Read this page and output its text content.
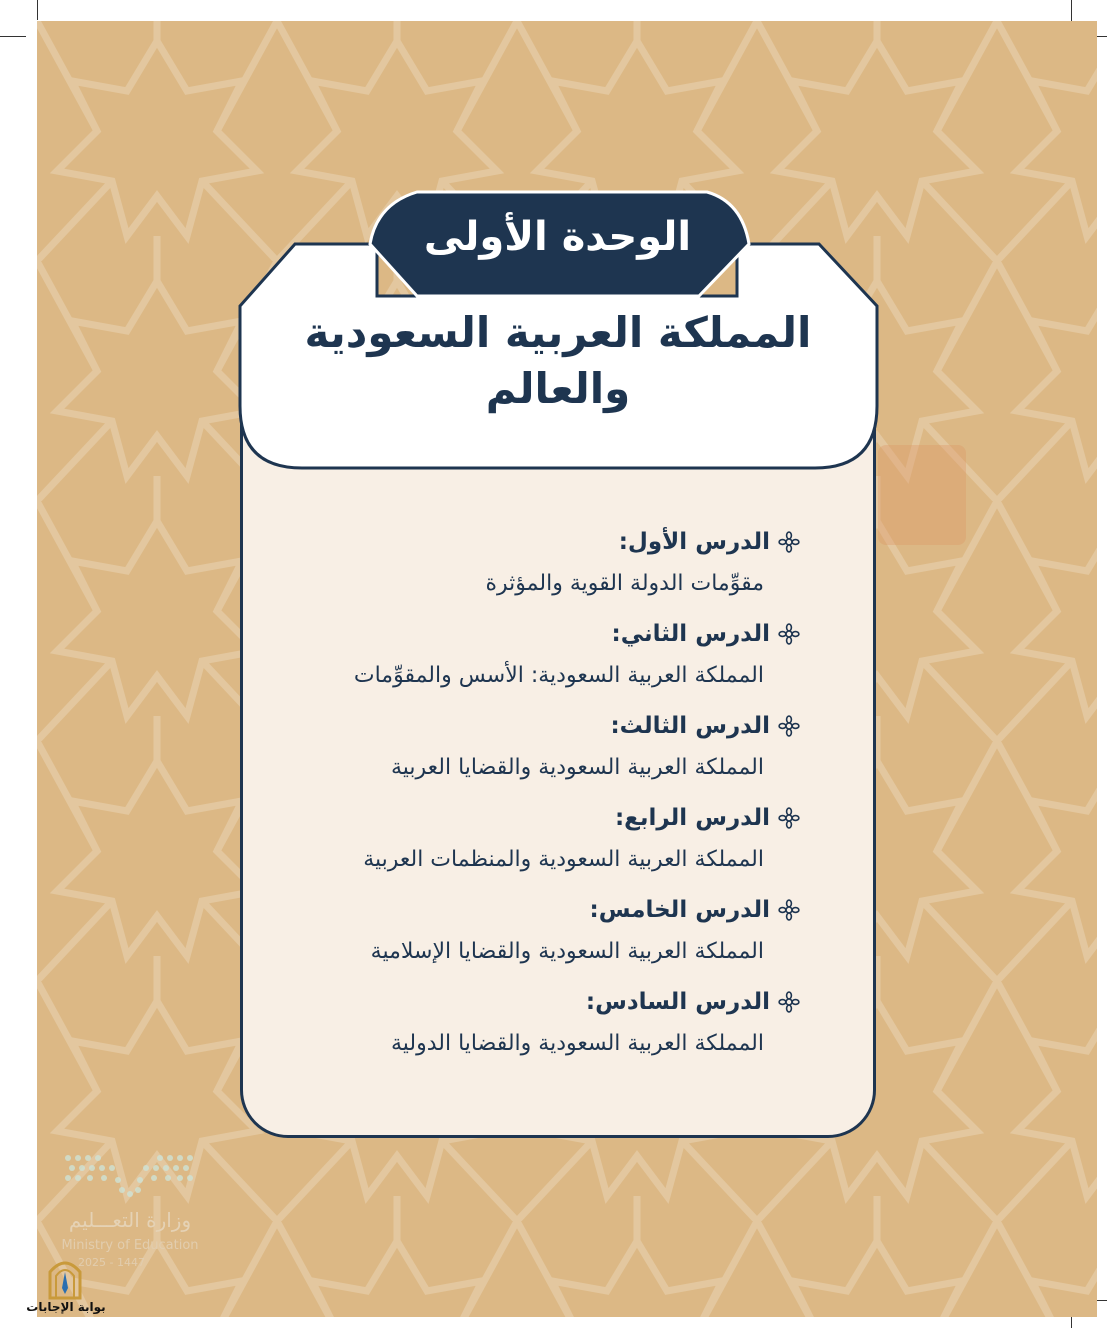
الوحدة الأولى
المملكة العربية السعودية
والعالم
الدرس الأول:
مقوِّمات الدولة القوية والمؤثرة
الدرس الثاني:
المملكة العربية السعودية: الأسس والمقوِّمات
الدرس الثالث:
المملكة العربية السعودية والقضايا العربية
الدرس الرابع:
المملكة العربية السعودية والمنظمات العربية
الدرس الخامس:
المملكة العربية السعودية والقضايا الإسلامية
الدرس السادس:
المملكة العربية السعودية والقضايا الدولية
وزارة التعـــليم
Ministry of Education
2025 - 1447
بوابة الإجابات
